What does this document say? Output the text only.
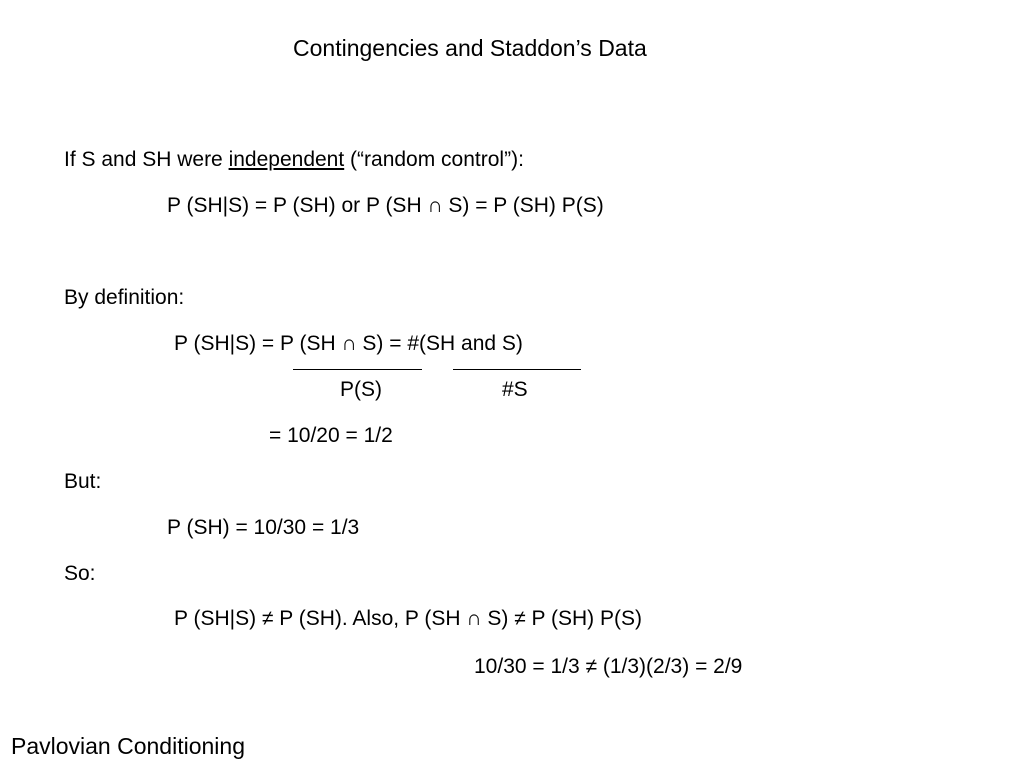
Contingencies and Staddon’s Data
If S and SH were independent (“random control”):
P (SH|S) = P (SH) or P (SH ∩ S) = P (SH) P(S)
By definition:
P (SH|S) = P (SH ∩ S) = #(SH and S)
P(S)	#S
= 10/20 = 1/2
But:
P (SH) = 10/30 = 1/3
So:
P (SH|S) ≠ P (SH). Also, P (SH ∩ S) ≠ P (SH) P(S)
10/30 = 1/3 ≠ (1/3)(2/3) = 2/9
Pavlovian Conditioning
